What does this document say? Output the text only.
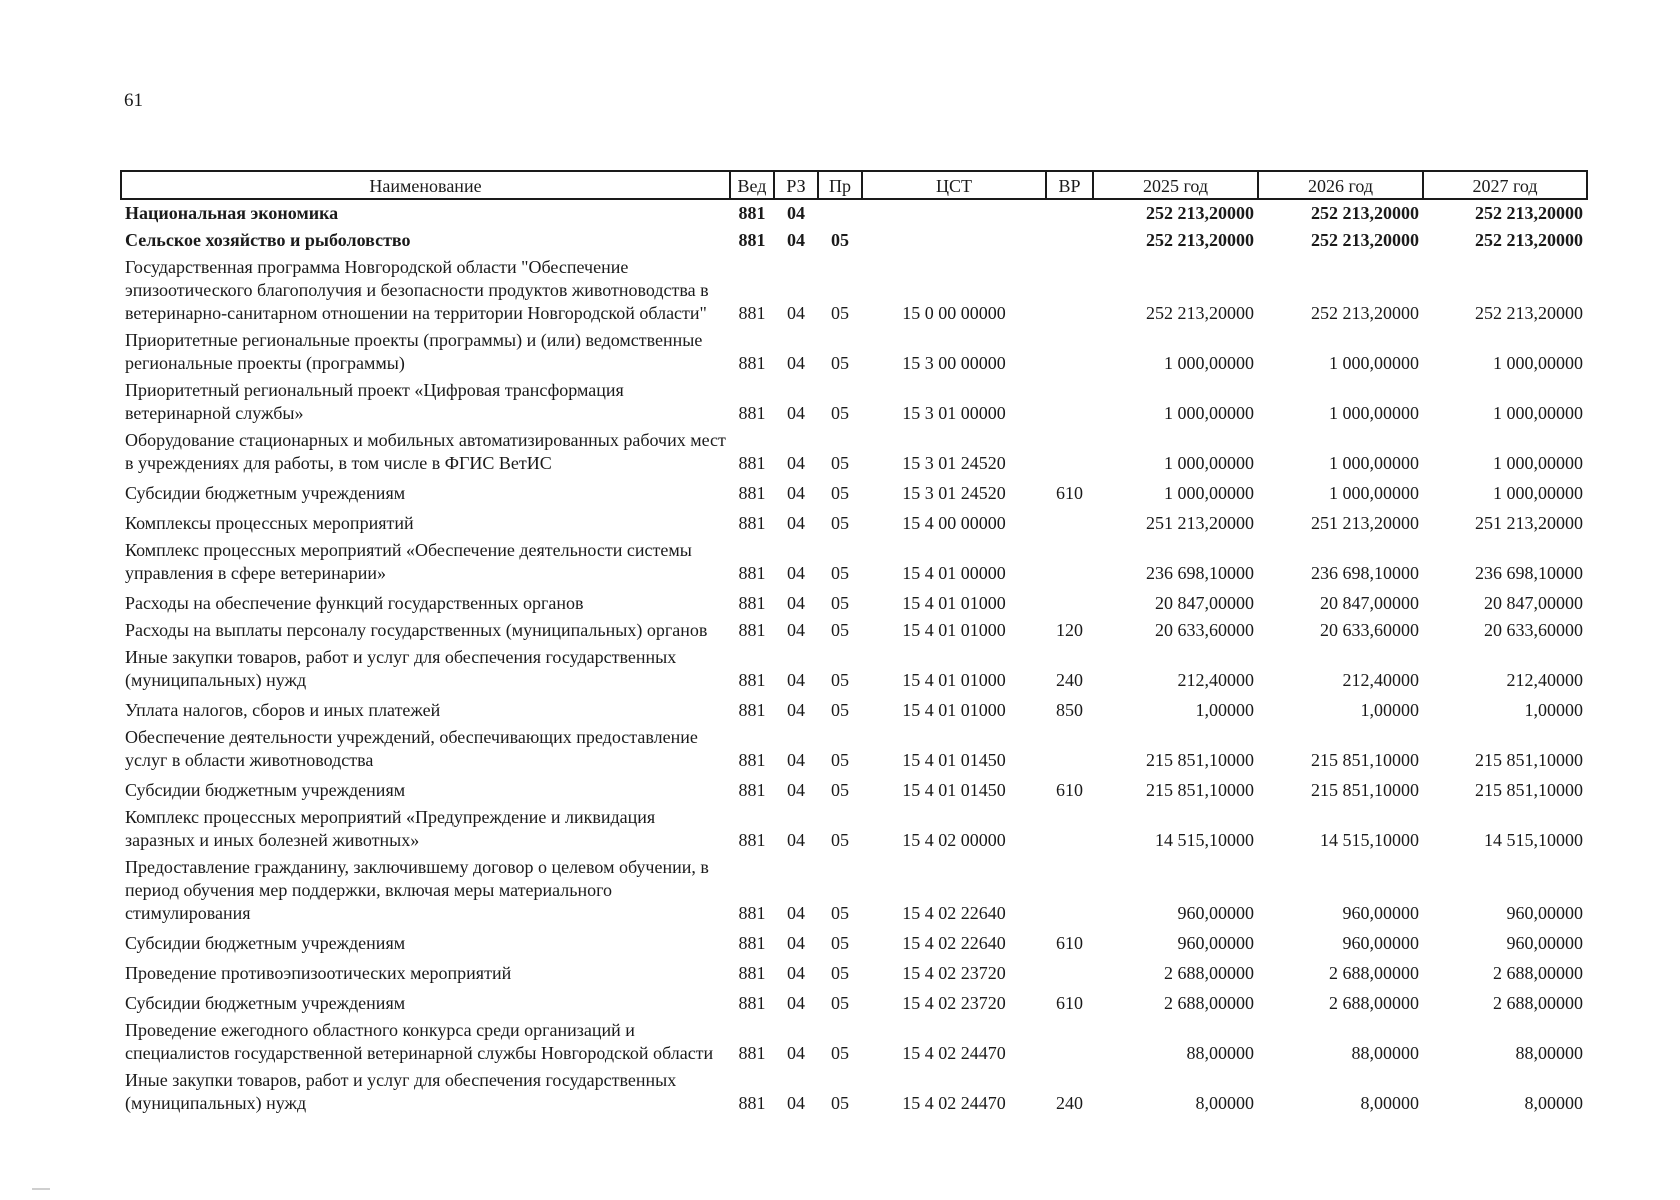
61
Наименование	Вед	РЗ	Пр	ЦСТ	ВР	2025 год	2026 год	2027 год
Национальная экономика	881	04				252 213,20000	252 213,20000	252 213,20000
Сельское хозяйство и рыболовство	881	04	05			252 213,20000	252 213,20000	252 213,20000
Государственная программа Новгородской области "Обеспечение эпизоотического благополучия и безопасности продуктов животноводства в ветеринарно-санитарном отношении на территории Новгородской области"	881	04	05	15 0 00 00000		252 213,20000	252 213,20000	252 213,20000
Приоритетные региональные проекты (программы) и (или) ведомственные региональные проекты (программы)	881	04	05	15 3 00 00000		1 000,00000	1 000,00000	1 000,00000
Приоритетный региональный проект «Цифровая трансформация ветеринарной службы»	881	04	05	15 3 01 00000		1 000,00000	1 000,00000	1 000,00000
Оборудование стационарных и мобильных автоматизированных рабочих мест в учреждениях для работы, в том числе в ФГИС ВетИС	881	04	05	15 3 01 24520		1 000,00000	1 000,00000	1 000,00000
Субсидии бюджетным учреждениям	881	04	05	15 3 01 24520	610	1 000,00000	1 000,00000	1 000,00000
Комплексы процессных мероприятий	881	04	05	15 4 00 00000		251 213,20000	251 213,20000	251 213,20000
Комплекс процессных мероприятий «Обеспечение деятельности системы управления в сфере ветеринарии»	881	04	05	15 4 01 00000		236 698,10000	236 698,10000	236 698,10000
Расходы на обеспечение функций государственных органов	881	04	05	15 4 01 01000		20 847,00000	20 847,00000	20 847,00000
Расходы на выплаты персоналу государственных (муниципальных) органов	881	04	05	15 4 01 01000	120	20 633,60000	20 633,60000	20 633,60000
Иные закупки товаров, работ и услуг для обеспечения государственных (муниципальных) нужд	881	04	05	15 4 01 01000	240	212,40000	212,40000	212,40000
Уплата налогов, сборов и иных платежей	881	04	05	15 4 01 01000	850	1,00000	1,00000	1,00000
Обеспечение деятельности учреждений, обеспечивающих предоставление услуг в области животноводства	881	04	05	15 4 01 01450		215 851,10000	215 851,10000	215 851,10000
Субсидии бюджетным учреждениям	881	04	05	15 4 01 01450	610	215 851,10000	215 851,10000	215 851,10000
Комплекс процессных мероприятий «Предупреждение и ликвидация заразных и иных болезней животных»	881	04	05	15 4 02 00000		14 515,10000	14 515,10000	14 515,10000
Предоставление гражданину, заключившему договор о целевом обучении, в период обучения мер поддержки, включая меры материального стимулирования	881	04	05	15 4 02 22640		960,00000	960,00000	960,00000
Субсидии бюджетным учреждениям	881	04	05	15 4 02 22640	610	960,00000	960,00000	960,00000
Проведение противоэпизоотических мероприятий	881	04	05	15 4 02 23720		2 688,00000	2 688,00000	2 688,00000
Субсидии бюджетным учреждениям	881	04	05	15 4 02 23720	610	2 688,00000	2 688,00000	2 688,00000
Проведение ежегодного областного конкурса среди организаций и специалистов государственной ветеринарной службы Новгородской области	881	04	05	15 4 02 24470		88,00000	88,00000	88,00000
Иные закупки товаров, работ и услуг для обеспечения государственных (муниципальных) нужд	881	04	05	15 4 02 24470	240	8,00000	8,00000	8,00000
